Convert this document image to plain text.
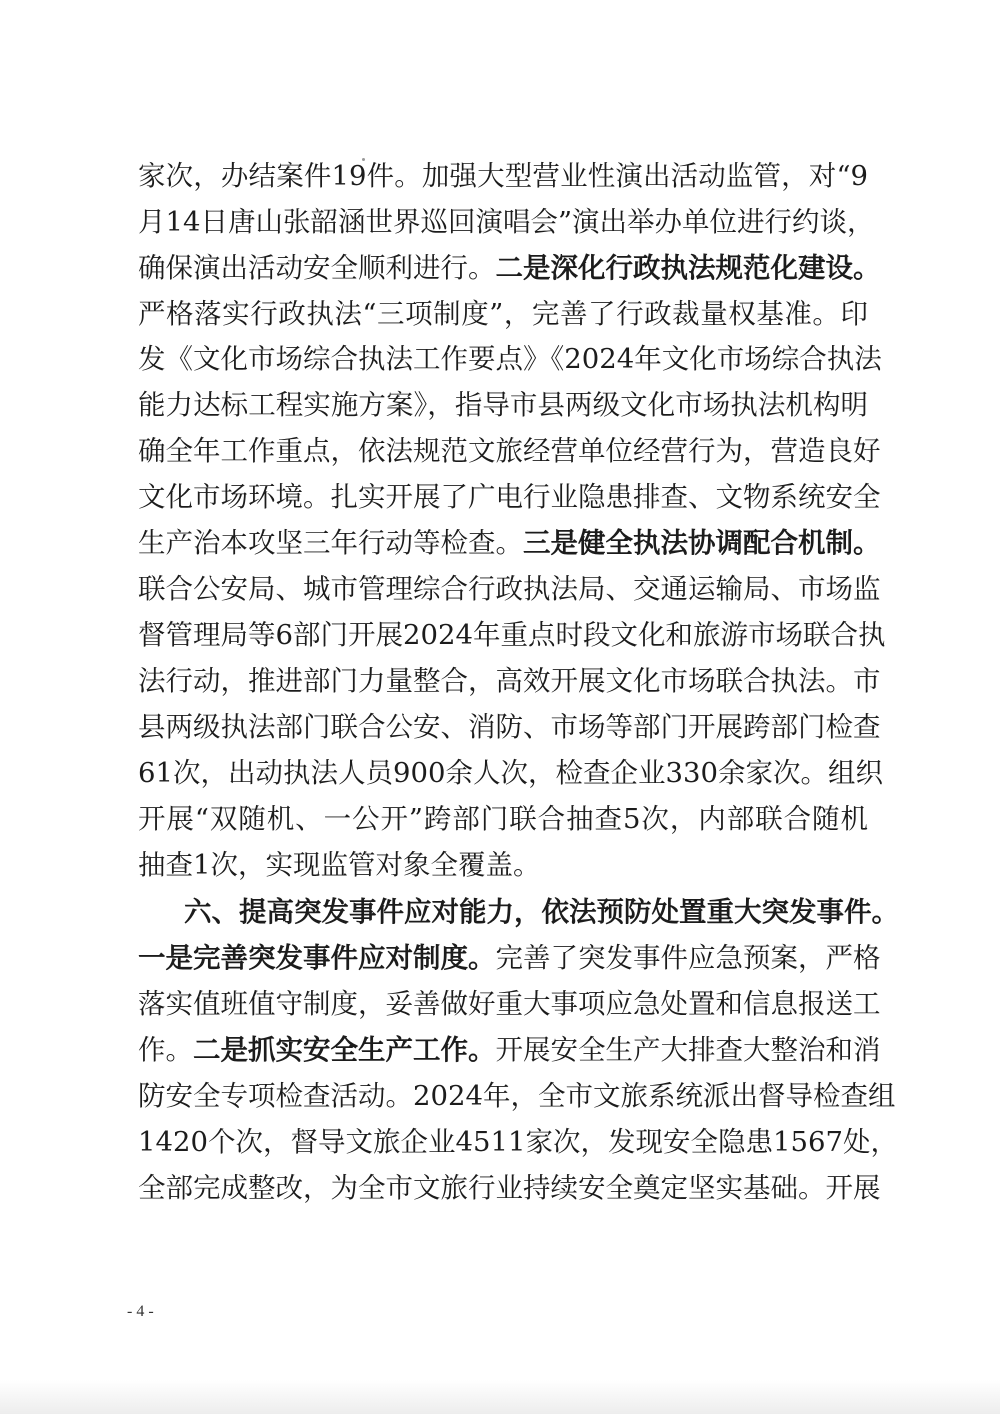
家次，办结案件19件。加强大型营业性演出活动监管，对“9
月14日唐山张韶涵世界巡回演唱会”演出举办单位进行约谈，
确保演出活动安全顺利进行。二是深化行政执法规范化建设。
严格落实行政执法“三项制度”，完善了行政裁量权基准。印
发《文化市场综合执法工作要点》《2024年文化市场综合执法
能力达标工程实施方案》，指导市县两级文化市场执法机构明
确全年工作重点，依法规范文旅经营单位经营行为，营造良好
文化市场环境。扎实开展了广电行业隐患排查、文物系统安全
生产治本攻坚三年行动等检查。三是健全执法协调配合机制。
联合公安局、城市管理综合行政执法局、交通运输局、市场监
督管理局等6部门开展2024年重点时段文化和旅游市场联合执
法行动，推进部门力量整合，高效开展文化市场联合执法。市
县两级执法部门联合公安、消防、市场等部门开展跨部门检查
61次，出动执法人员900余人次，检查企业330余家次。组织
开展“双随机、一公开”跨部门联合抽查5次，内部联合随机
抽查1次，实现监管对象全覆盖。
六、提高突发事件应对能力，依法预防处置重大突发事件。
一是完善突发事件应对制度。完善了突发事件应急预案，严格
落实值班值守制度，妥善做好重大事项应急处置和信息报送工
作。二是抓实安全生产工作。开展安全生产大排查大整治和消
防安全专项检查活动。2024年，全市文旅系统派出督导检查组
1420个次，督导文旅企业4511家次，发现安全隐患1567处，
全部完成整改，为全市文旅行业持续安全奠定坚实基础。开展
- 4 -
